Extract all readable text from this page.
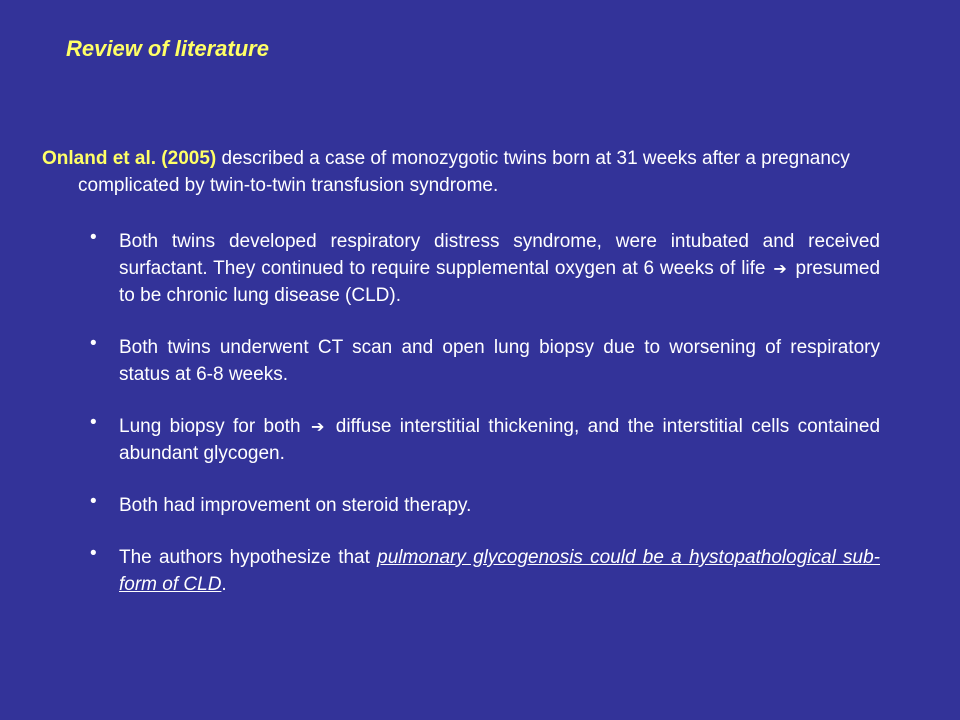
Review of literature
Onland et al. (2005) described a case of monozygotic twins born at 31 weeks after a pregnancy complicated by twin-to-twin transfusion syndrome.
• Both twins developed respiratory distress syndrome, were intubated and received surfactant. They continued to require supplemental oxygen at 6 weeks of life ➔ presumed to be chronic lung disease (CLD).
• Both twins underwent CT scan and open lung biopsy due to worsening of respiratory status at 6-8 weeks.
• Lung biopsy for both ➔ diffuse interstitial thickening, and the interstitial cells contained abundant glycogen.
• Both had improvement on steroid therapy.
• The authors hypothesize that pulmonary glycogenosis could be a hystopathological sub-form of CLD.
